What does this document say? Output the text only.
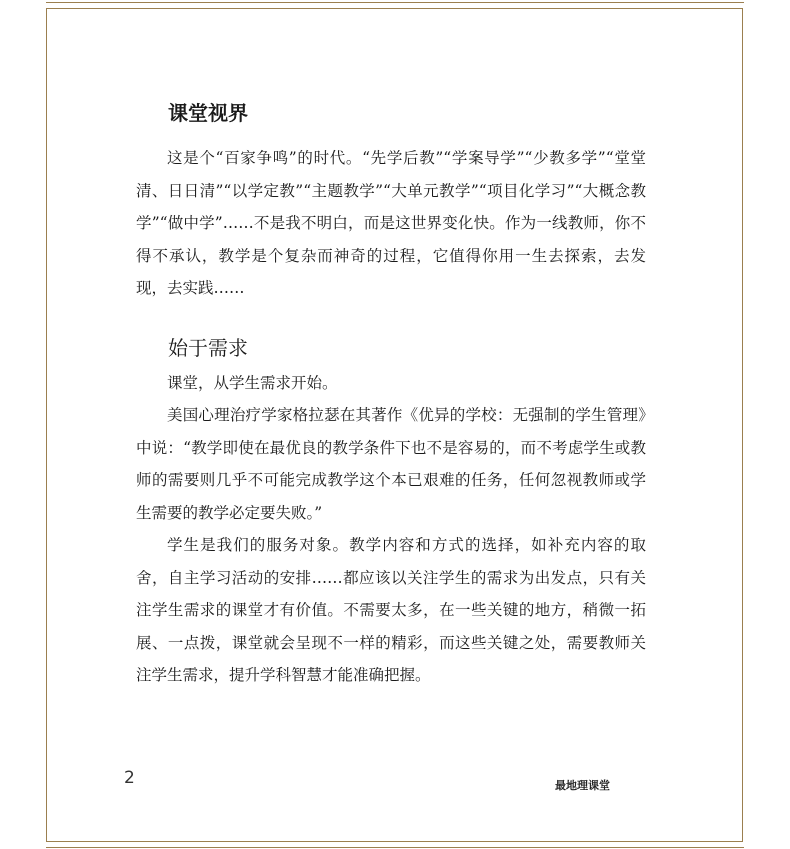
课堂视界

这是个“百家争鸣”的时代。“先学后教”“学案导学”“少教多学”“堂堂清、日日清”“以学定教”“主题教学”“大单元教学”“项目化学习”“大概念教学”“做中学”……不是我不明白，而是这世界变化快。作为一线教师，你不得不承认，教学是个复杂而神奇的过程，它值得你用一生去探索，去发现，去实践……

始于需求

课堂，从学生需求开始。

美国心理治疗学家格拉瑟在其著作《优异的学校：无强制的学生管理》中说：“教学即使在最优良的教学条件下也不是容易的，而不考虑学生或教师的需要则几乎不可能完成教学这个本已艰难的任务，任何忽视教师或学生需要的教学必定要失败。”

学生是我们的服务对象。教学内容和方式的选择，如补充内容的取舍，自主学习活动的安排……都应该以关注学生的需求为出发点，只有关注学生需求的课堂才有价值。不需要太多，在一些关键的地方，稍微一拓展、一点拨，课堂就会呈现不一样的精彩，而这些关键之处，需要教师关注学生需求，提升学科智慧才能准确把握。

2	最地理课堂
